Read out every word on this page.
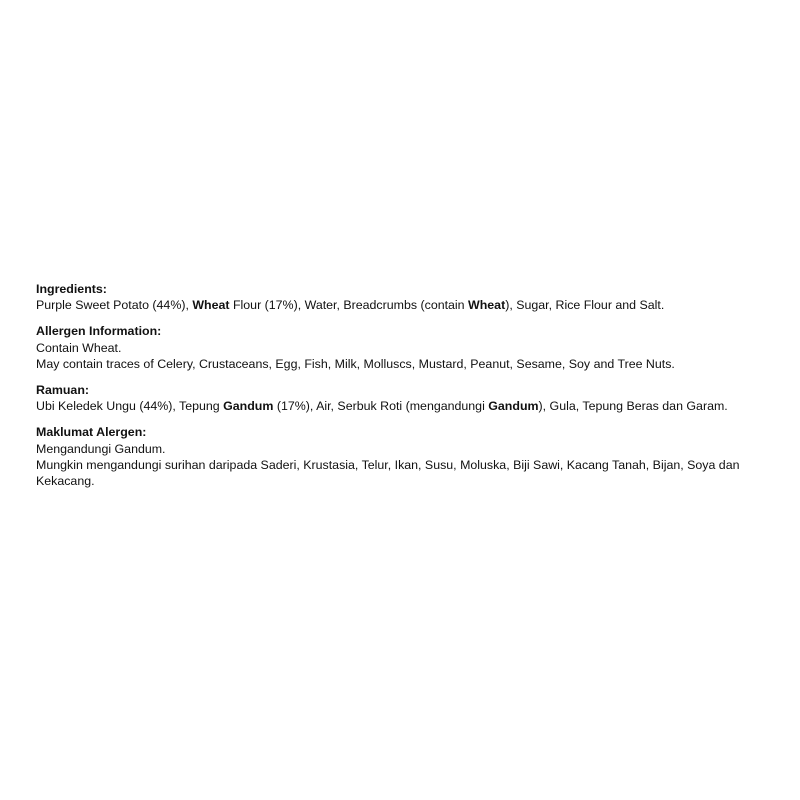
Ingredients:
Purple Sweet Potato (44%), Wheat Flour (17%), Water, Breadcrumbs (contain Wheat), Sugar, Rice Flour and Salt.
Allergen Information:
Contain Wheat.
May contain traces of Celery, Crustaceans, Egg, Fish, Milk, Molluscs, Mustard, Peanut, Sesame, Soy and Tree Nuts.
Ramuan:
Ubi Keledek Ungu (44%), Tepung Gandum (17%), Air, Serbuk Roti (mengandungi Gandum), Gula, Tepung Beras dan Garam.
Maklumat Alergen:
Mengandungi Gandum.
Mungkin mengandungi surihan daripada Saderi, Krustasia, Telur, Ikan, Susu, Moluska, Biji Sawi, Kacang Tanah, Bijan, Soya dan Kekacang.
